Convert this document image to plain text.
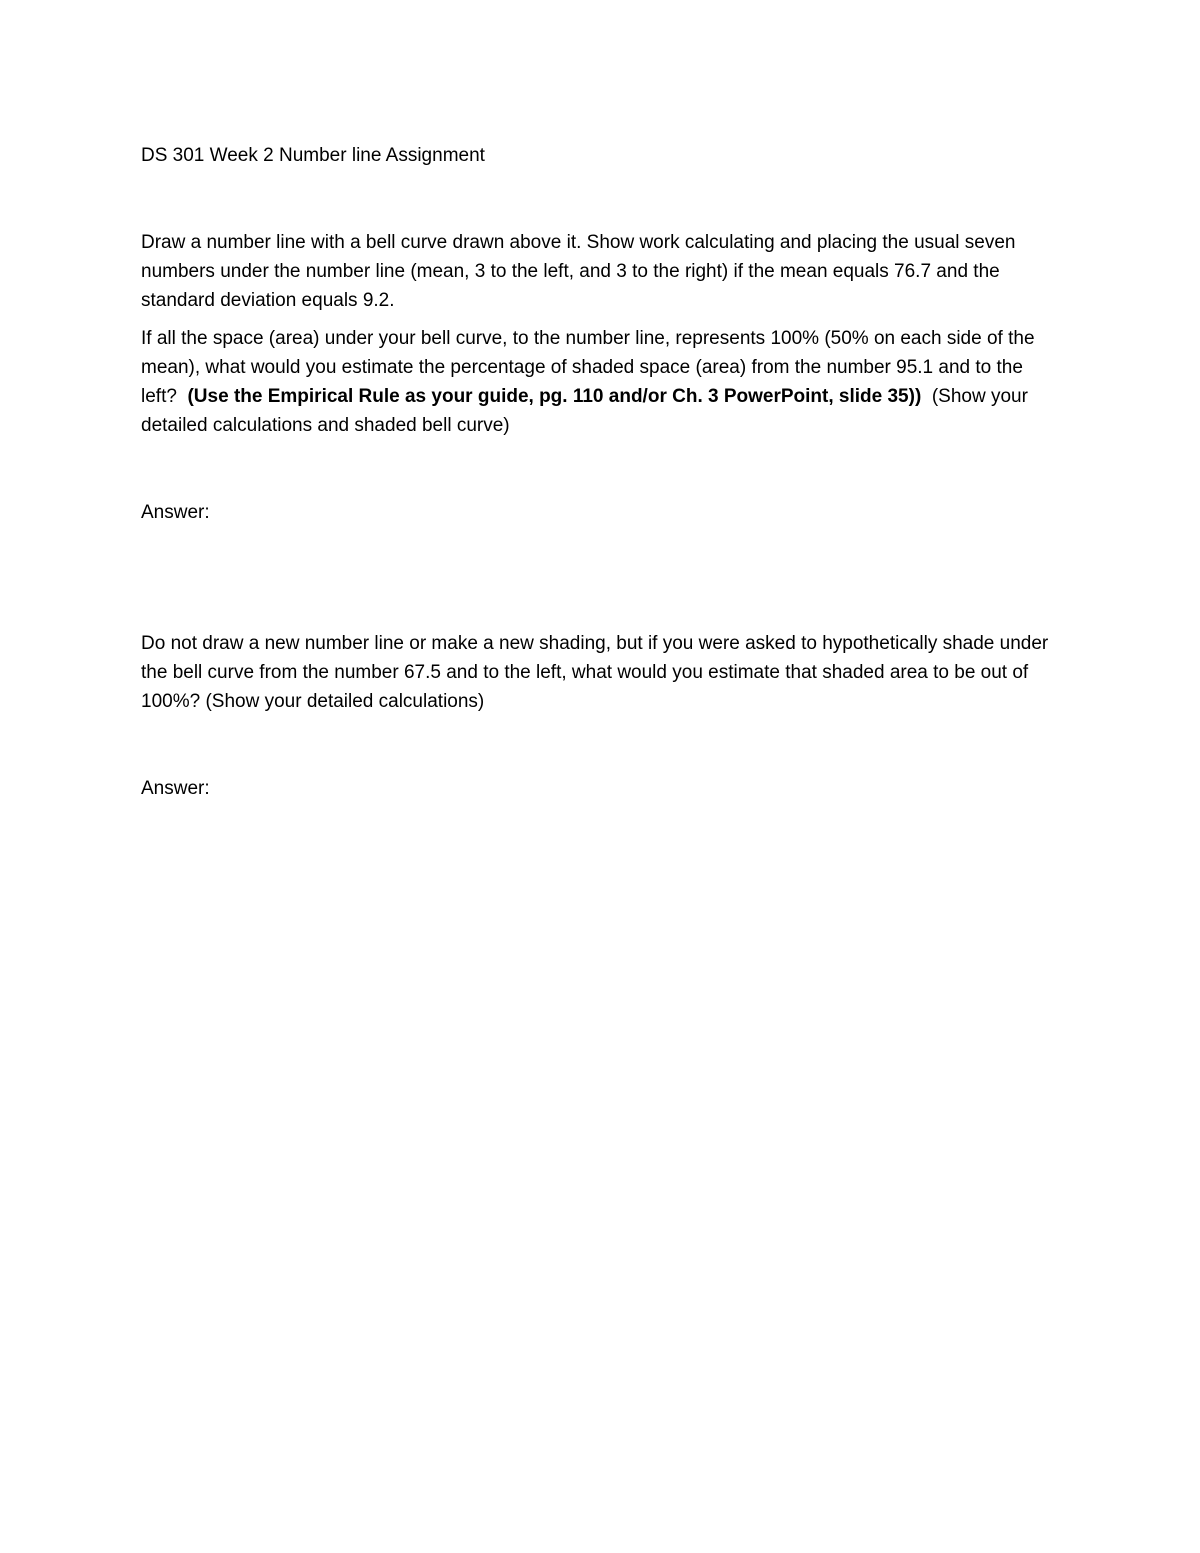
DS 301 Week 2 Number line Assignment

Draw a number line with a bell curve drawn above it. Show work calculating and placing the usual seven numbers under the number line (mean, 3 to the left, and 3 to the right) if the mean equals 76.7 and the standard deviation equals 9.2.

If all the space (area) under your bell curve, to the number line, represents 100% (50% on each side of the mean), what would you estimate the percentage of shaded space (area) from the number 95.1 and to the left? (Use the Empirical Rule as your guide, pg. 110 and/or Ch. 3 PowerPoint, slide 35)) (Show your detailed calculations and shaded bell curve)

Answer:

Do not draw a new number line or make a new shading, but if you were asked to hypothetically shade under the bell curve from the number 67.5 and to the left, what would you estimate that shaded area to be out of 100%? (Show your detailed calculations)

Answer:
